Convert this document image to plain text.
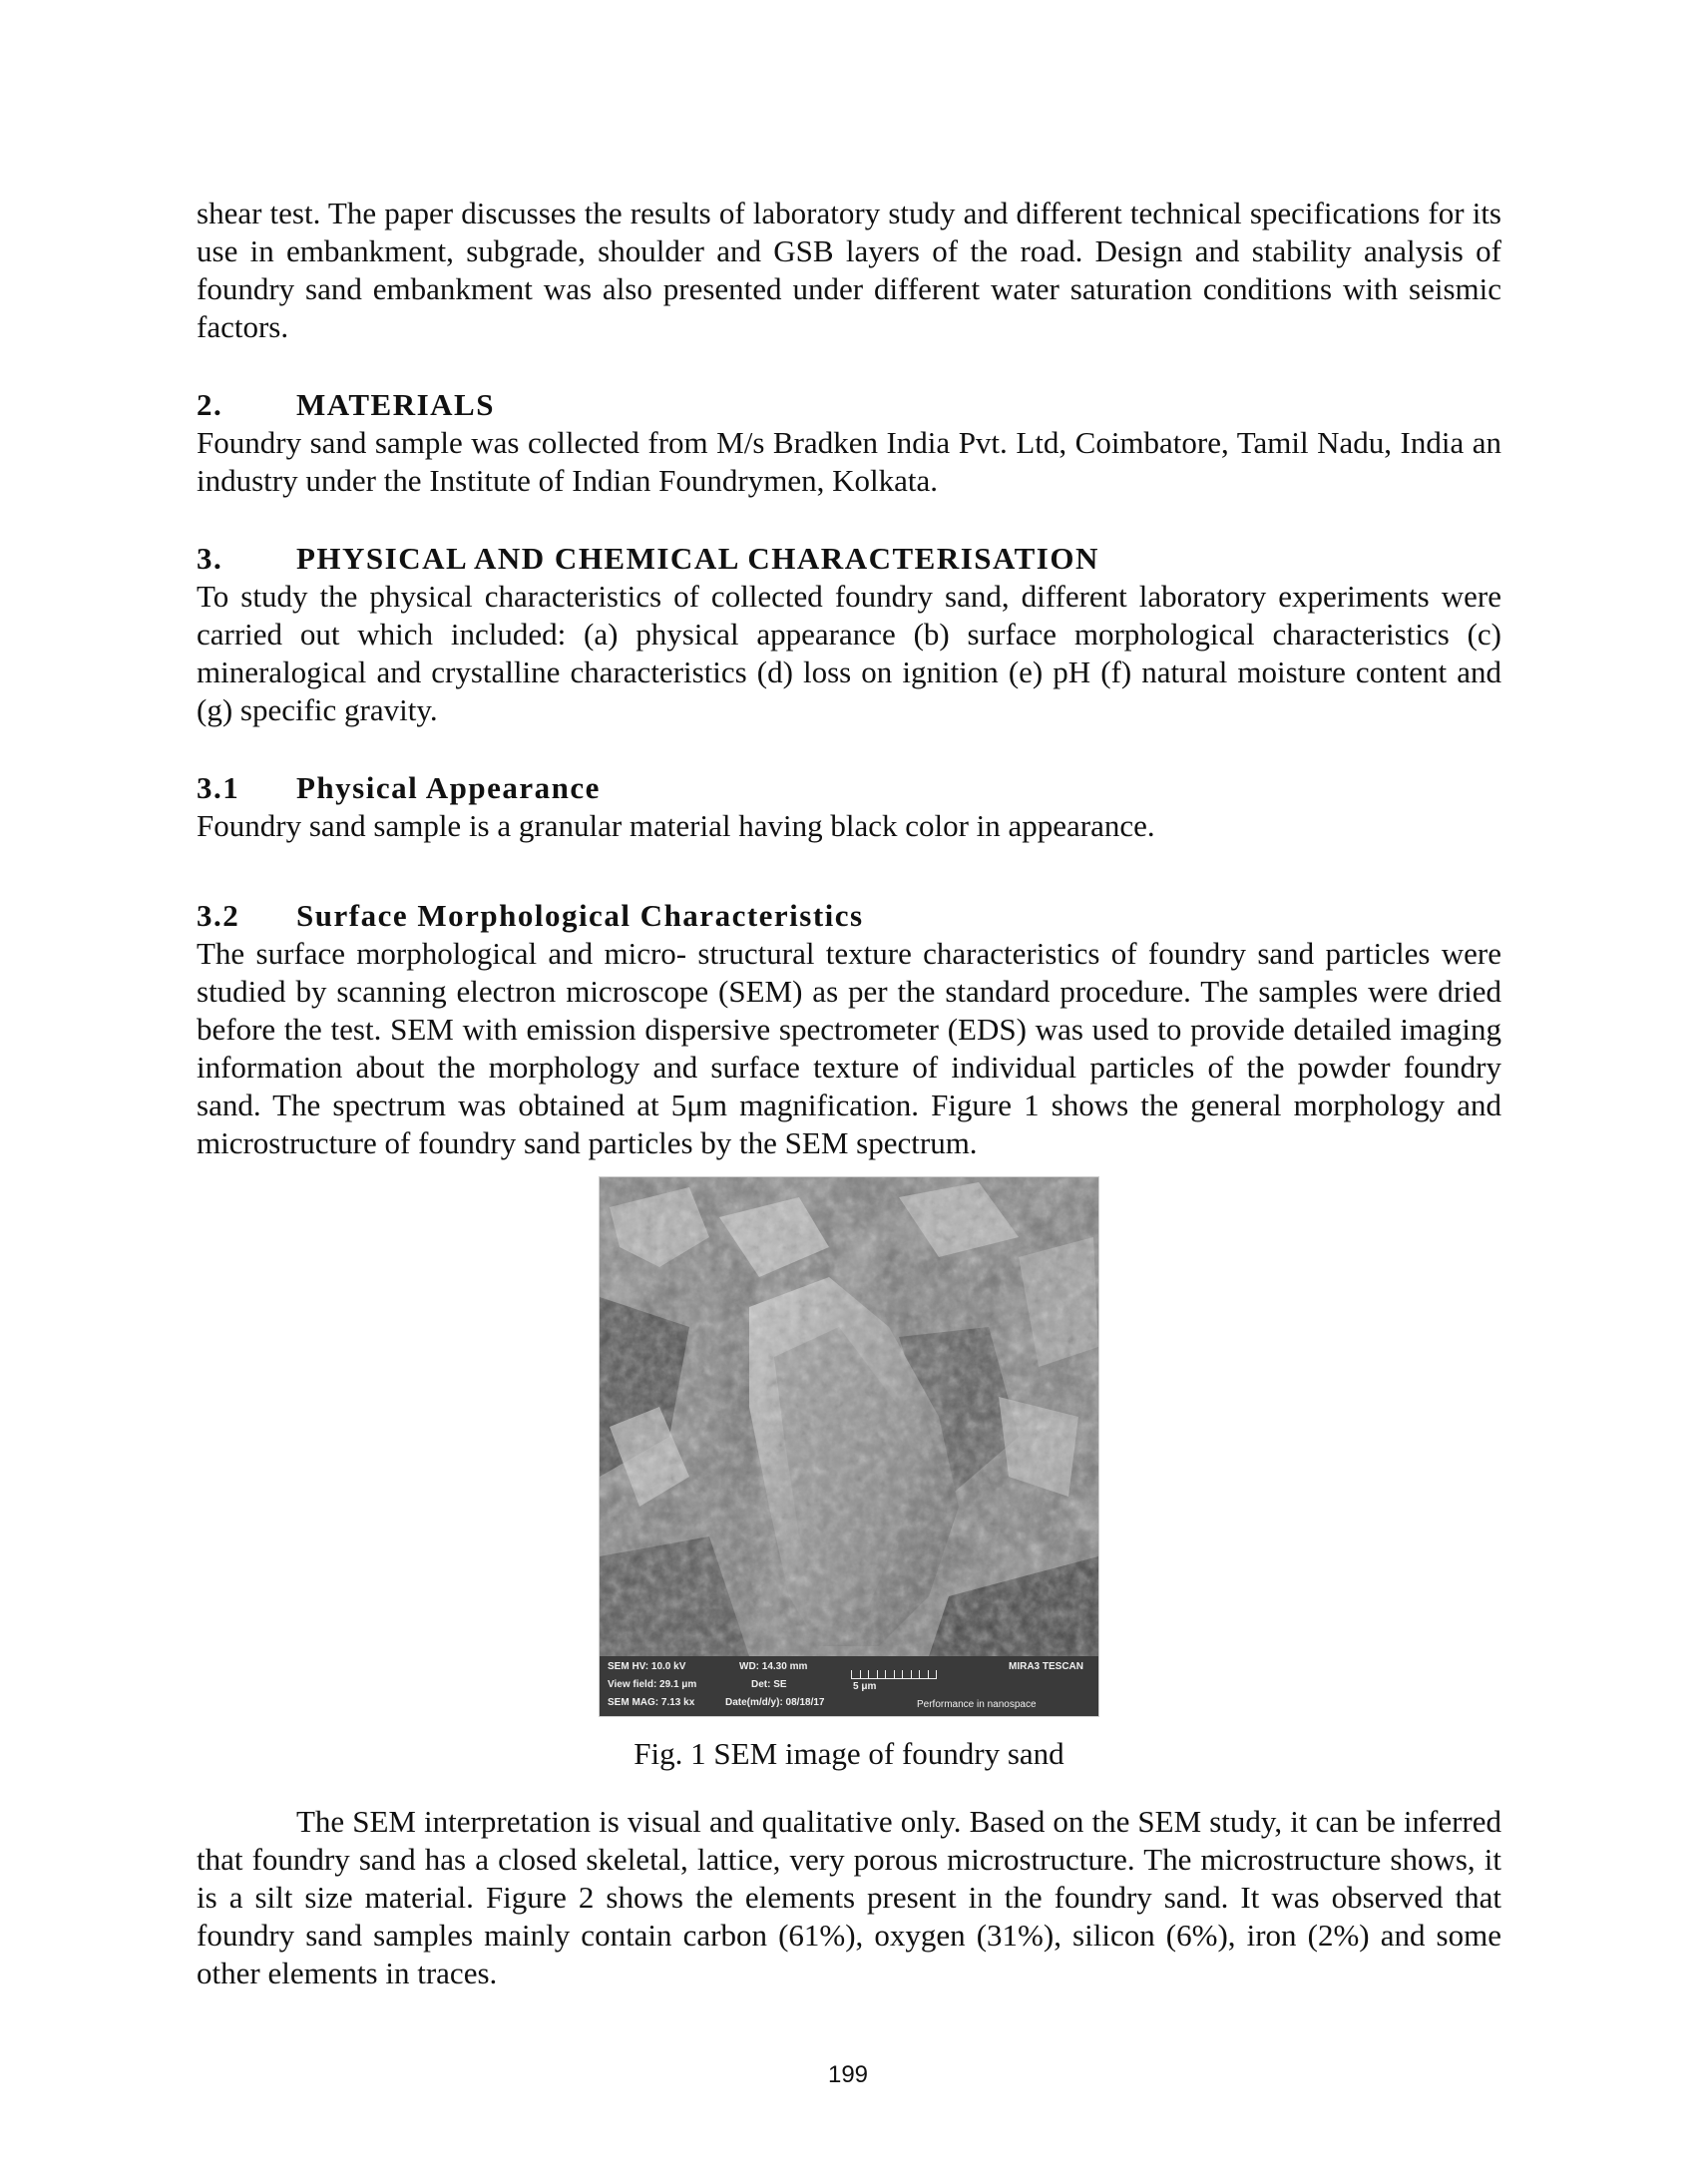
shear test. The paper discusses the results of laboratory study and different technical specifications for its use in embankment, subgrade, shoulder and GSB layers of the road. Design and stability analysis of foundry sand embankment was also presented under different water saturation conditions with seismic factors.

2.	MATERIALS

Foundry sand sample was collected from M/s Bradken India Pvt. Ltd, Coimbatore, Tamil Nadu, India an industry under the Institute of Indian Foundrymen, Kolkata.

3.	PHYSICAL AND CHEMICAL CHARACTERISATION

To study the physical characteristics of collected foundry sand, different laboratory experiments were carried out which included: (a) physical appearance (b) surface morphological characteristics (c) mineralogical and crystalline characteristics (d) loss on ignition (e) pH (f) natural moisture content and (g) specific gravity.

3.1	Physical Appearance

Foundry sand sample is a granular material having black color in appearance.

3.2	Surface Morphological Characteristics

The surface morphological and micro- structural texture characteristics of foundry sand particles were studied by scanning electron microscope (SEM) as per the standard procedure. The samples were dried before the test. SEM with emission dispersive spectrometer (EDS) was used to provide detailed imaging information about the morphology and surface texture of individual particles of the powder foundry sand. The spectrum was obtained at 5μm magnification. Figure 1 shows the general morphology and microstructure of foundry sand particles by the SEM spectrum.

SEM HV: 10.0 kV
View field: 29.1 μm
SEM MAG: 7.13 kx
WD: 14.30 mm
Det: SE
Date(m/d/y): 08/18/17
5 μm
MIRA3 TESCAN
Performance in nanospace
Fig. 1 SEM image of foundry sand

The SEM interpretation is visual and qualitative only. Based on the SEM study, it can be inferred that foundry sand has a closed skeletal, lattice, very porous microstructure. The microstructure shows, it is a silt size material. Figure 2 shows the elements present in the foundry sand. It was observed that foundry sand samples mainly contain carbon (61%), oxygen (31%), silicon (6%), iron (2%) and some other elements in traces.

199
